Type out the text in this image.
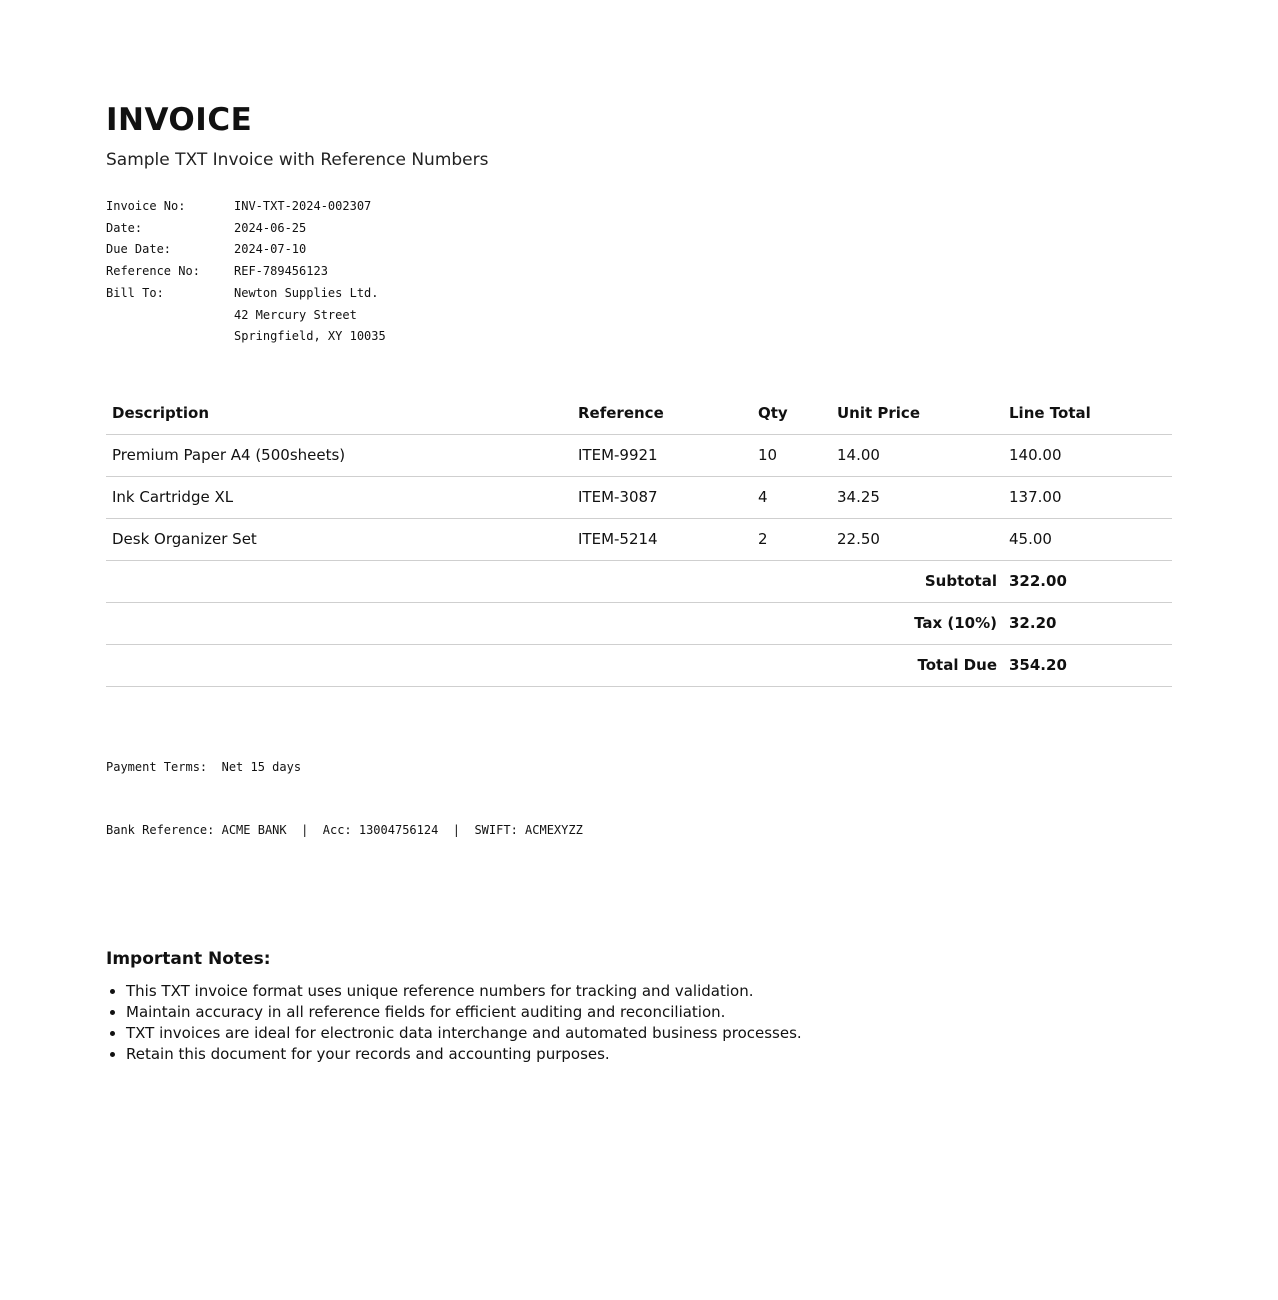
INVOICE
Sample TXT Invoice with Reference Numbers
Invoice No:	INV-TXT-2024-002307
Date:	2024-06-25
Due Date:	2024-07-10
Reference No:	REF-789456123
Bill To:	Newton Supplies Ltd.
42 Mercury Street
Springfield, XY 10035
Description	Reference	Qty	Unit Price	Line Total
Premium Paper A4 (500sheets)	ITEM-9921	10	14.00	140.00
Ink Cartridge XL	ITEM-3087	4	34.25	137.00
Desk Organizer Set	ITEM-5214	2	22.50	45.00
Subtotal				322.00
Tax (10%)				32.20
Total Due				354.20

Payment Terms:  Net 15 days

Bank Reference: ACME BANK  |  Acc: 13004756124  |  SWIFT: ACMEXYZZ

Important Notes:
• This TXT invoice format uses unique reference numbers for tracking and validation.
• Maintain accuracy in all reference fields for efficient auditing and reconciliation.
• TXT invoices are ideal for electronic data interchange and automated business processes.
• Retain this document for your records and accounting purposes.
